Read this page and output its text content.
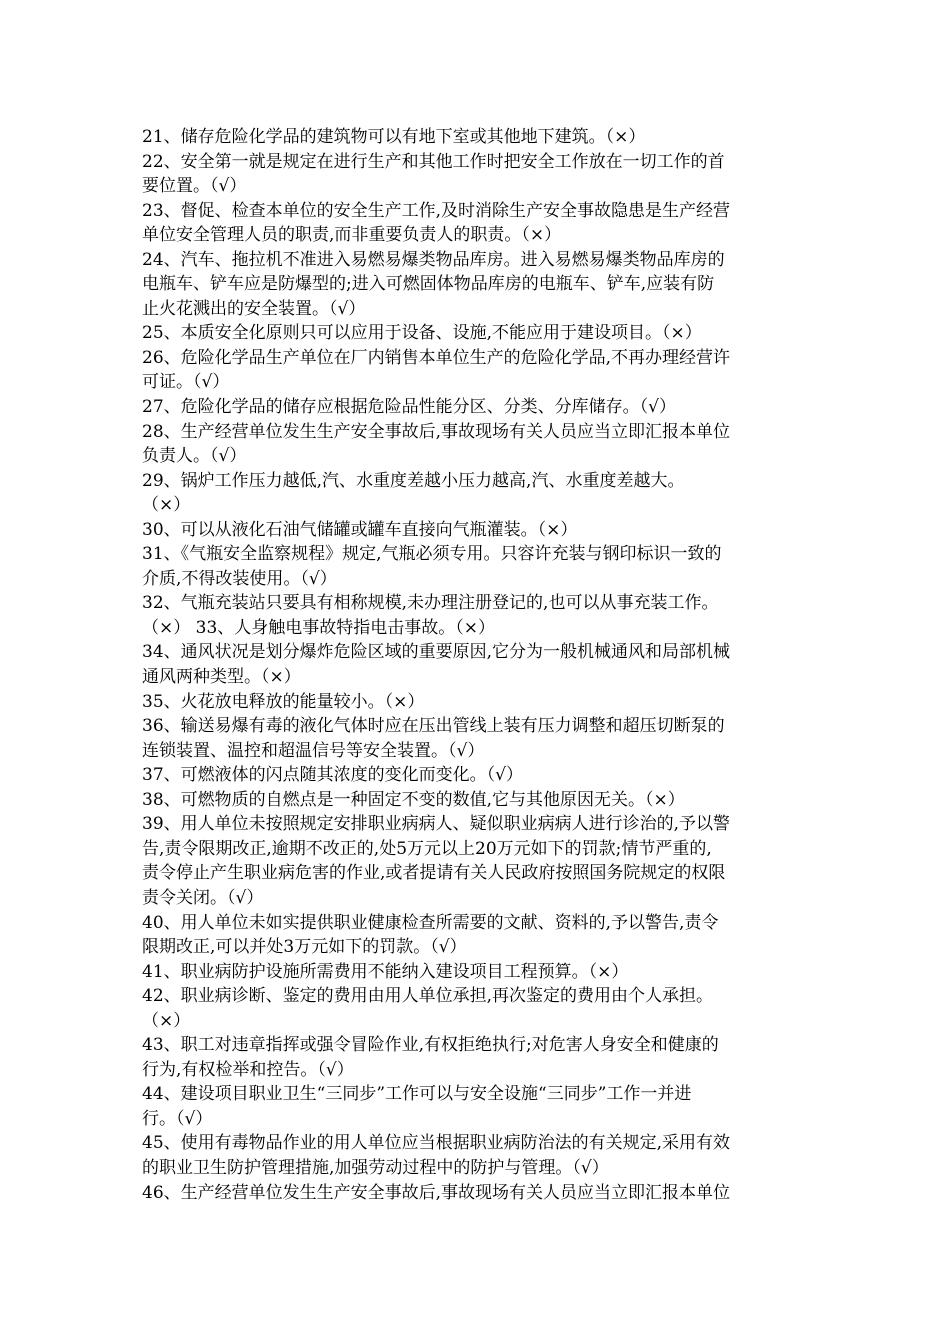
21、储存危险化学品的建筑物可以有地下室或其他地下建筑。（×）
22、安全第一就是规定在进行生产和其他工作时把安全工作放在一切工作的首
要位置。（√）
23、督促、检查本单位的安全生产工作,及时消除生产安全事故隐患是生产经营
单位安全管理人员的职责,而非重要负责人的职责。（×）
24、汽车、拖拉机不准进入易燃易爆类物品库房。进入易燃易爆类物品库房的
电瓶车、铲车应是防爆型的;进入可燃固体物品库房的电瓶车、铲车,应装有防
止火花溅出的安全装置。（√）
25、本质安全化原则只可以应用于设备、设施,不能应用于建设项目。（×）
26、危险化学品生产单位在厂内销售本单位生产的危险化学品,不再办理经营许
可证。（√）
27、危险化学品的储存应根据危险品性能分区、分类、分库储存。（√）
28、生产经营单位发生生产安全事故后,事故现场有关人员应当立即汇报本单位
负责人。（√）
29、锅炉工作压力越低,汽、水重度差越小压力越高,汽、水重度差越大。
（×）
30、可以从液化石油气储罐或罐车直接向气瓶灌装。（×）
31、《气瓶安全监察规程》规定,气瓶必须专用。只容许充装与钢印标识一致的
介质,不得改装使用。（√）
32、气瓶充装站只要具有相称规模,未办理注册登记的,也可以从事充装工作。
（×） 33、人身触电事故特指电击事故。（×）
34、通风状况是划分爆炸危险区域的重要原因,它分为一般机械通风和局部机械
通风两种类型。（×）
35、火花放电释放的能量较小。（×）
36、输送易爆有毒的液化气体时应在压出管线上装有压力调整和超压切断泵的
连锁装置、温控和超温信号等安全装置。（√）
37、可燃液体的闪点随其浓度的变化而变化。（√）
38、可燃物质的自燃点是一种固定不变的数值,它与其他原因无关。（×）
39、用人单位未按照规定安排职业病病人、疑似职业病病人进行诊治的,予以警
告,责令限期改正,逾期不改正的,处5万元以上20万元如下的罚款;情节严重的,
责令停止产生职业病危害的作业,或者提请有关人民政府按照国务院规定的权限
责令关闭。（√）
40、用人单位未如实提供职业健康检查所需要的文献、资料的,予以警告,责令
限期改正,可以并处3万元如下的罚款。（√）
41、职业病防护设施所需费用不能纳入建设项目工程预算。（×）
42、职业病诊断、鉴定的费用由用人单位承担,再次鉴定的费用由个人承担。
（×）
43、职工对违章指挥或强令冒险作业,有权拒绝执行;对危害人身安全和健康的
行为,有权检举和控告。（√）
44、建设项目职业卫生“三同步”工作可以与安全设施“三同步”工作一并进
行。（√）
45、使用有毒物品作业的用人单位应当根据职业病防治法的有关规定,采用有效
的职业卫生防护管理措施,加强劳动过程中的防护与管理。（√）
46、生产经营单位发生生产安全事故后,事故现场有关人员应当立即汇报本单位
